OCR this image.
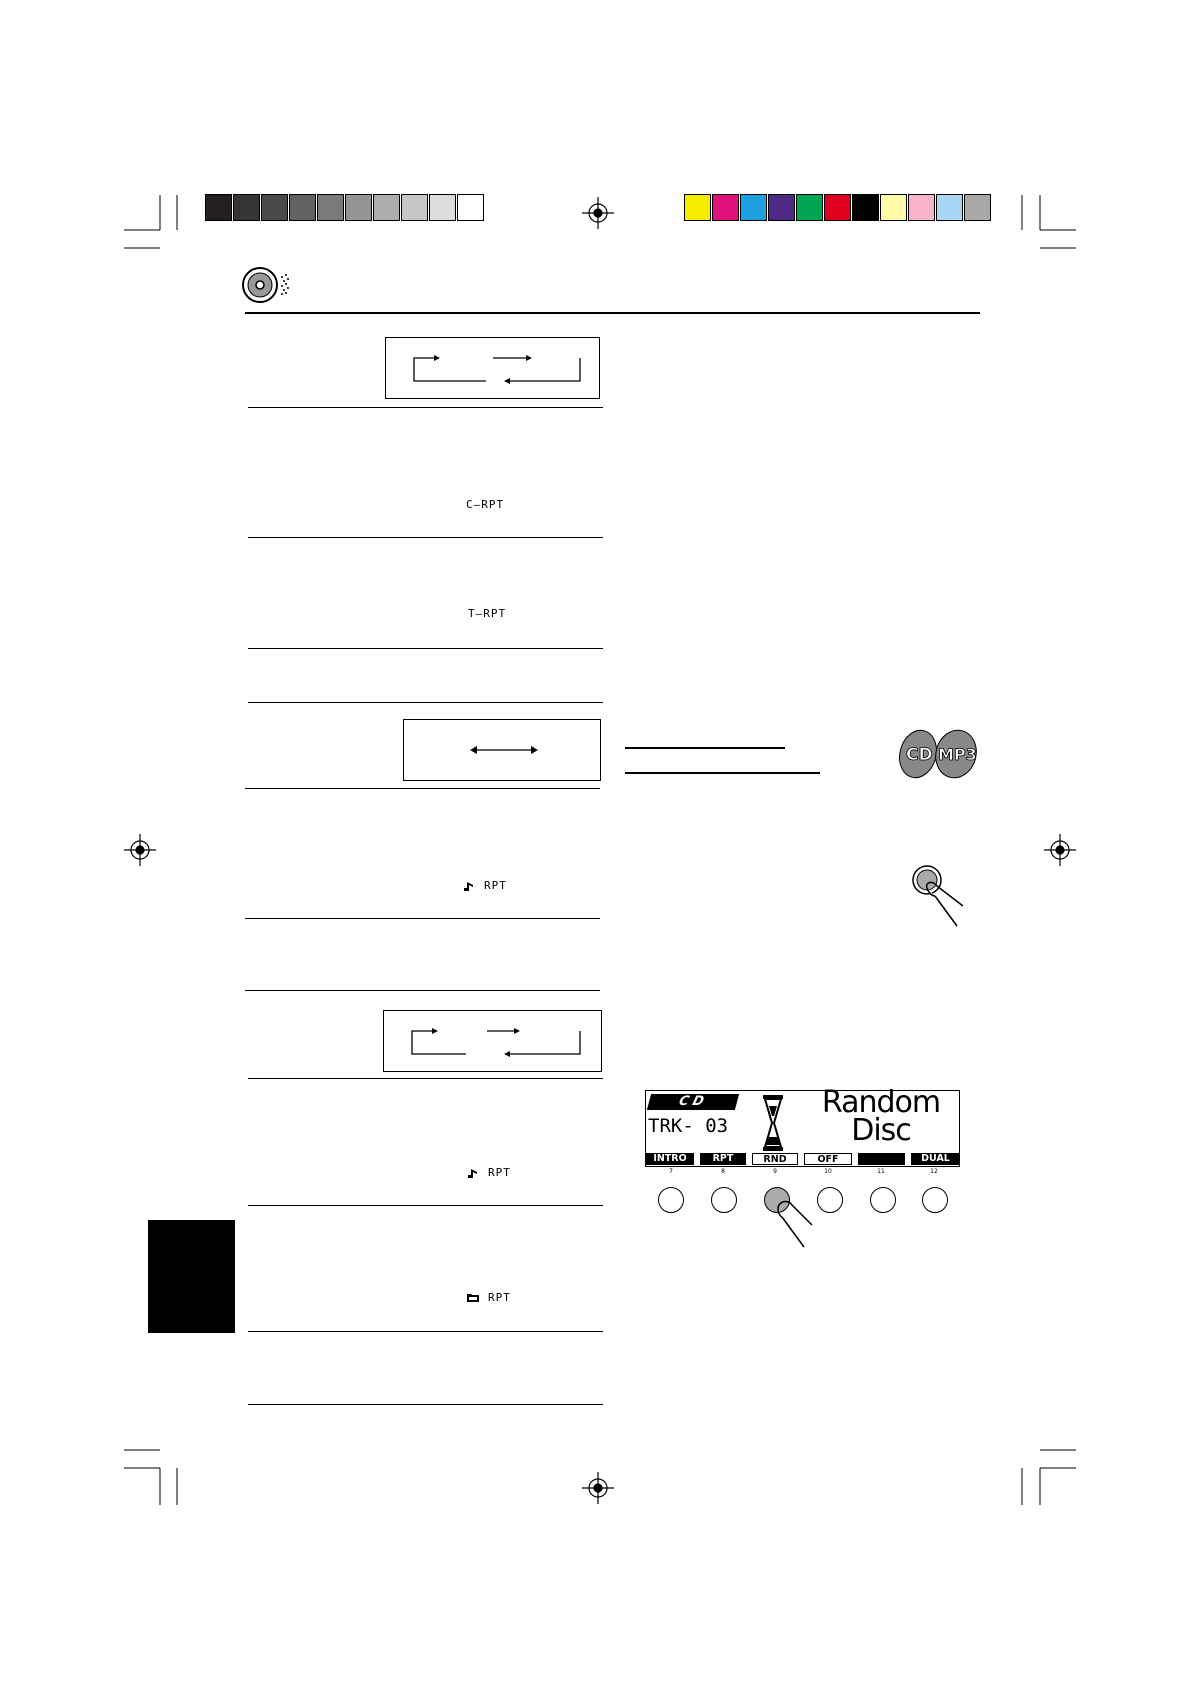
C–RPT
T–RPT
RPT
RPT
RPT
CD MP3
CD
TRK- 03
Random
Disc
INTRO	RPT	RND	OFF	DUAL
7	8	9	10	11	12
